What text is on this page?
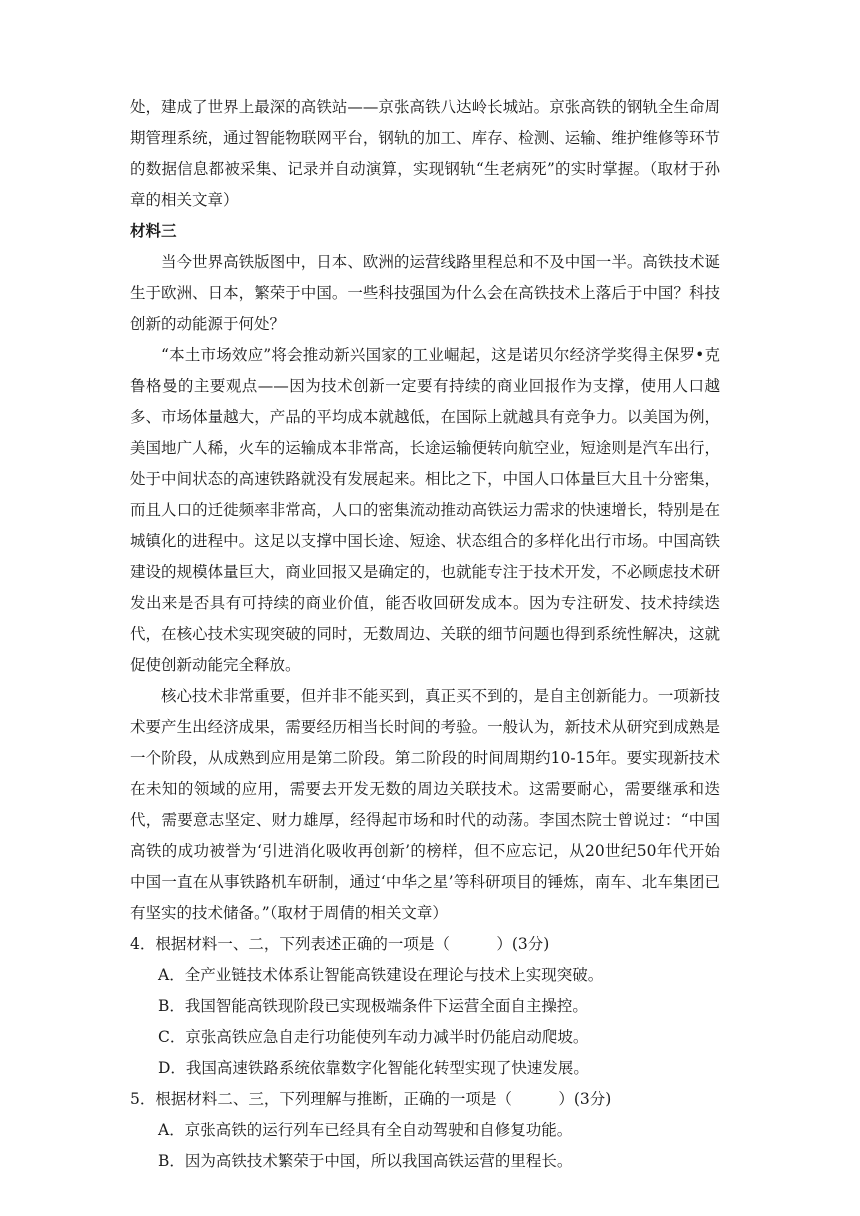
处，建成了世界上最深的高铁站——京张高铁八达岭长城站。京张高铁的钢轨全生命周期管理系统，通过智能物联网平台，钢轨的加工、库存、检测、运输、维护维修等环节的数据信息都被采集、记录并自动演算，实现钢轨“生老病死”的实时掌握。（取材于孙章的相关文章）

材料三

当今世界高铁版图中，日本、欧洲的运营线路里程总和不及中国一半。高铁技术诞生于欧洲、日本，繁荣于中国。一些科技强国为什么会在高铁技术上落后于中国？科技创新的动能源于何处？

“本土市场效应”将会推动新兴国家的工业崛起，这是诺贝尔经济学奖得主保罗•克鲁格曼的主要观点——因为技术创新一定要有持续的商业回报作为支撑，使用人口越多、市场体量越大，产品的平均成本就越低，在国际上就越具有竞争力。以美国为例，美国地广人稀，火车的运输成本非常高，长途运输便转向航空业，短途则是汽车出行，处于中间状态的高速铁路就没有发展起来。相比之下，中国人口体量巨大且十分密集，而且人口的迁徙频率非常高，人口的密集流动推动高铁运力需求的快速增长，特别是在城镇化的进程中。这足以支撑中国长途、短途、状态组合的多样化出行市场。中国高铁建设的规模体量巨大，商业回报又是确定的，也就能专注于技术开发，不必顾虑技术研发出来是否具有可持续的商业价值，能否收回研发成本。因为专注研发、技术持续迭代，在核心技术实现突破的同时，无数周边、关联的细节问题也得到系统性解决，这就促使创新动能完全释放。

核心技术非常重要，但并非不能买到，真正买不到的，是自主创新能力。一项新技术要产生出经济成果，需要经历相当长时间的考验。一般认为，新技术从研究到成熟是一个阶段，从成熟到应用是第二阶段。第二阶段的时间周期约10-15年。要实现新技术在未知的领域的应用，需要去开发无数的周边关联技术。这需要耐心，需要继承和迭代，需要意志坚定、财力雄厚，经得起市场和时代的动荡。李国杰院士曾说过：“中国高铁的成功被誉为‘引进消化吸收再创新’的榜样，但不应忘记，从20世纪50年代开始中国一直在从事铁路机车研制，通过‘中华之星’等科研项目的锤炼，南车、北车集团已有坚实的技术储备。”（取材于周倩的相关文章）

4．根据材料一、二，下列表述正确的一项是（　　　）(3分)

A．全产业链技术体系让智能高铁建设在理论与技术上实现突破。

B．我国智能高铁现阶段已实现极端条件下运营全面自主操控。

C．京张高铁应急自走行功能使列车动力减半时仍能启动爬坡。

D．我国高速铁路系统依靠数字化智能化转型实现了快速发展。

5．根据材料二、三，下列理解与推断，正确的一项是（　　　）(3分)

A．京张高铁的运行列车已经具有全自动驾驶和自修复功能。

B．因为高铁技术繁荣于中国，所以我国高铁运营的里程长。
